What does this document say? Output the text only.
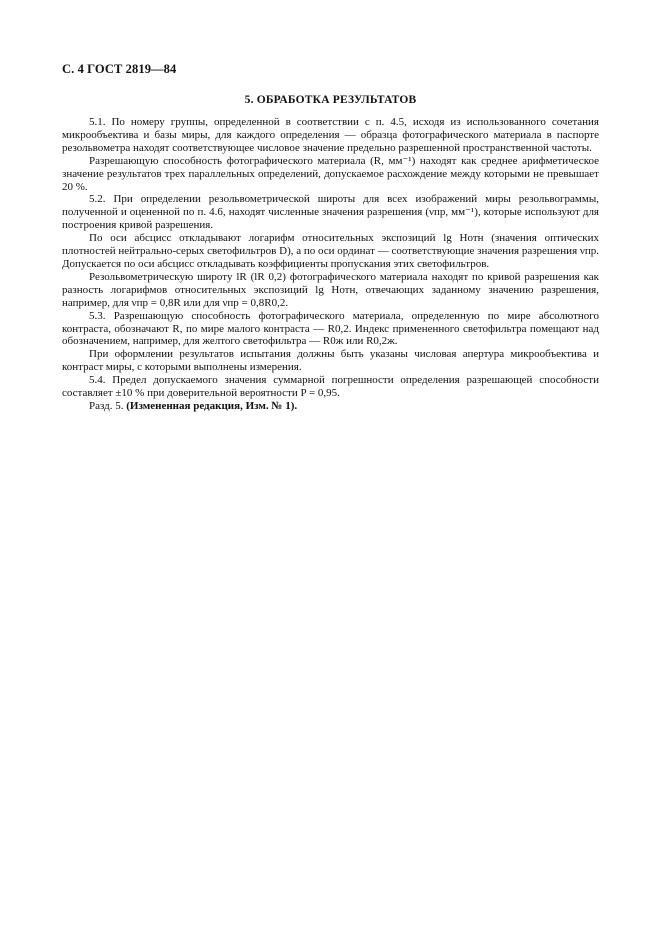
С. 4 ГОСТ 2819—84
5. ОБРАБОТКА РЕЗУЛЬТАТОВ

5.1. По номеру группы, определенной в соответствии с п. 4.5, исходя из использованного сочетания микрообъектива и базы миры, для каждого определения — образца фотографического материала в паспорте резольвометра находят соответствующее числовое значение предельно разрешенной пространственной частоты.

Разрешающую способность фотографического материала (R, мм⁻¹) находят как среднее арифметическое значение результатов трех параллельных определений, допускаемое расхождение между которыми не превышает 20 %.

5.2. При определении резольвометрической широты для всех изображений миры резольвограммы, полученной и оцененной по п. 4.6, находят численные значения разрешения (νпр, мм⁻¹), которые используют для построения кривой разрешения.

По оси абсцисс откладывают логарифм относительных экспозиций lg Hотн (значения оптических плотностей нейтрально-серых светофильтров D), а по оси ординат — соответствующие значения разрешения νпр. Допускается по оси абсцисс откладывать коэффициенты пропускания этих светофильтров.

Резольвометрическую широту lR (lR 0,2) фотографического материала находят по кривой разрешения как разность логарифмов относительных экспозиций lg Hотн, отвечающих заданному значению разрешения, например, для νпр = 0,8R или для νпр = 0,8R0,2.

5.3. Разрешающую способность фотографического материала, определенную по мире абсолютного контраста, обозначают R, по мире малого контраста — R0,2. Индекс примененного светофильтра помещают над обозначением, например, для желтого светофильтра — R0ж или R0,2ж.

При оформлении результатов испытания должны быть указаны числовая апертура микрообъектива и контраст миры, с которыми выполнены измерения.

5.4. Предел допускаемого значения суммарной погрешности определения разрешающей способности составляет ±10 % при доверительной вероятности P = 0,95.

Разд. 5. (Измененная редакция, Изм. № 1).
